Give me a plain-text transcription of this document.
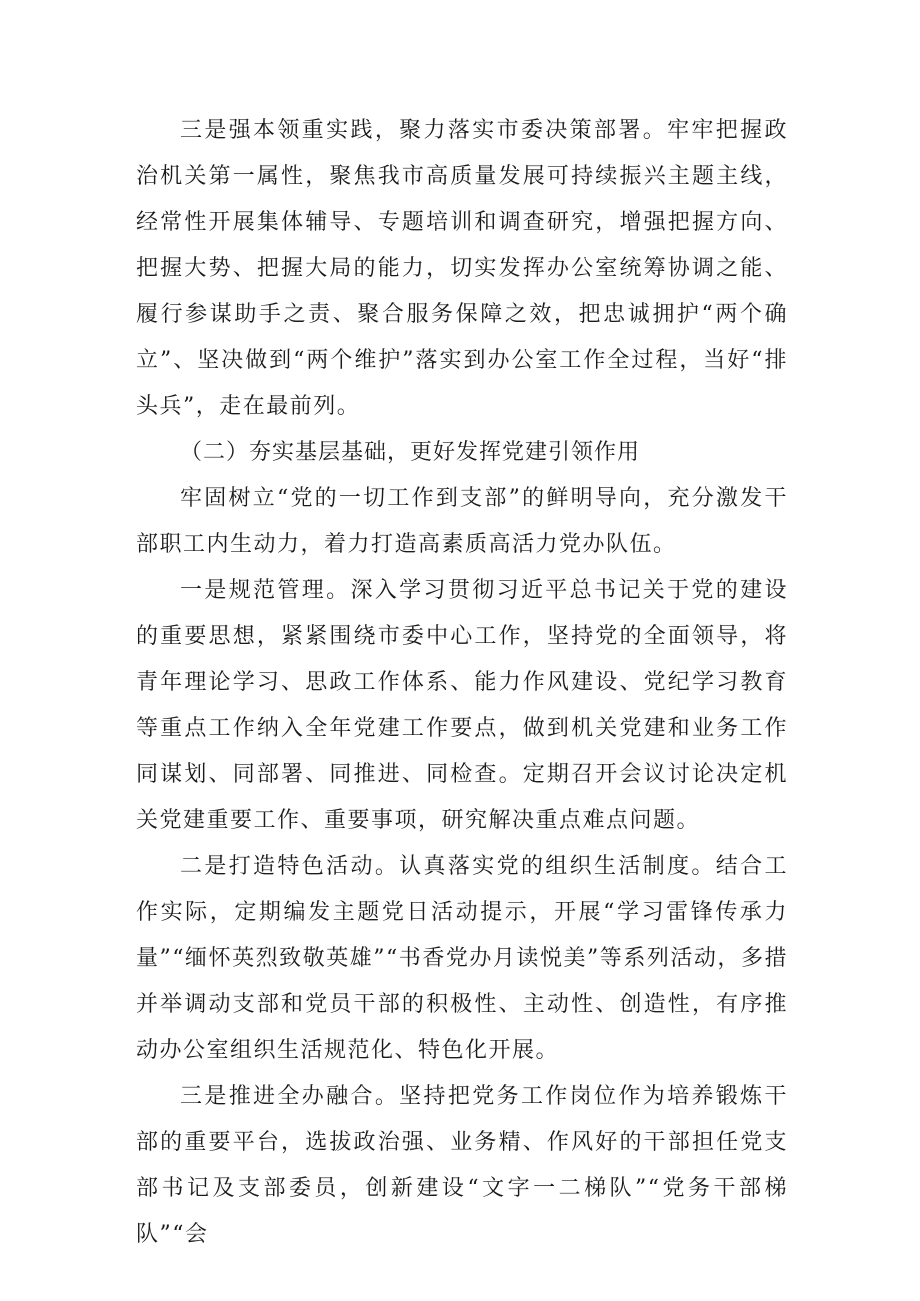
三是强本领重实践，聚力落实市委决策部署。牢牢把握政治机关第一属性，聚焦我市高质量发展可持续振兴主题主线，经常性开展集体辅导、专题培训和调查研究，增强把握方向、把握大势、把握大局的能力，切实发挥办公室统筹协调之能、履行参谋助手之责、聚合服务保障之效，把忠诚拥护“两个确立”、坚决做到“两个维护”落实到办公室工作全过程，当好“排头兵”，走在最前列。

（二）夯实基层基础，更好发挥党建引领作用

牢固树立“党的一切工作到支部”的鲜明导向，充分激发干部职工内生动力，着力打造高素质高活力党办队伍。

一是规范管理。深入学习贯彻习近平总书记关于党的建设的重要思想，紧紧围绕市委中心工作，坚持党的全面领导，将青年理论学习、思政工作体系、能力作风建设、党纪学习教育等重点工作纳入全年党建工作要点，做到机关党建和业务工作同谋划、同部署、同推进、同检查。定期召开会议讨论决定机关党建重要工作、重要事项，研究解决重点难点问题。

二是打造特色活动。认真落实党的组织生活制度。结合工作实际，定期编发主题党日活动提示，开展“学习雷锋传承力量”“缅怀英烈致敬英雄”“书香党办月读悦美”等系列活动，多措并举调动支部和党员干部的积极性、主动性、创造性，有序推动办公室组织生活规范化、特色化开展。

三是推进全办融合。坚持把党务工作岗位作为培养锻炼干部的重要平台，选拔政治强、业务精、作风好的干部担任党支部书记及支部委员，创新建设“文字一二梯队”“党务干部梯队”“会
